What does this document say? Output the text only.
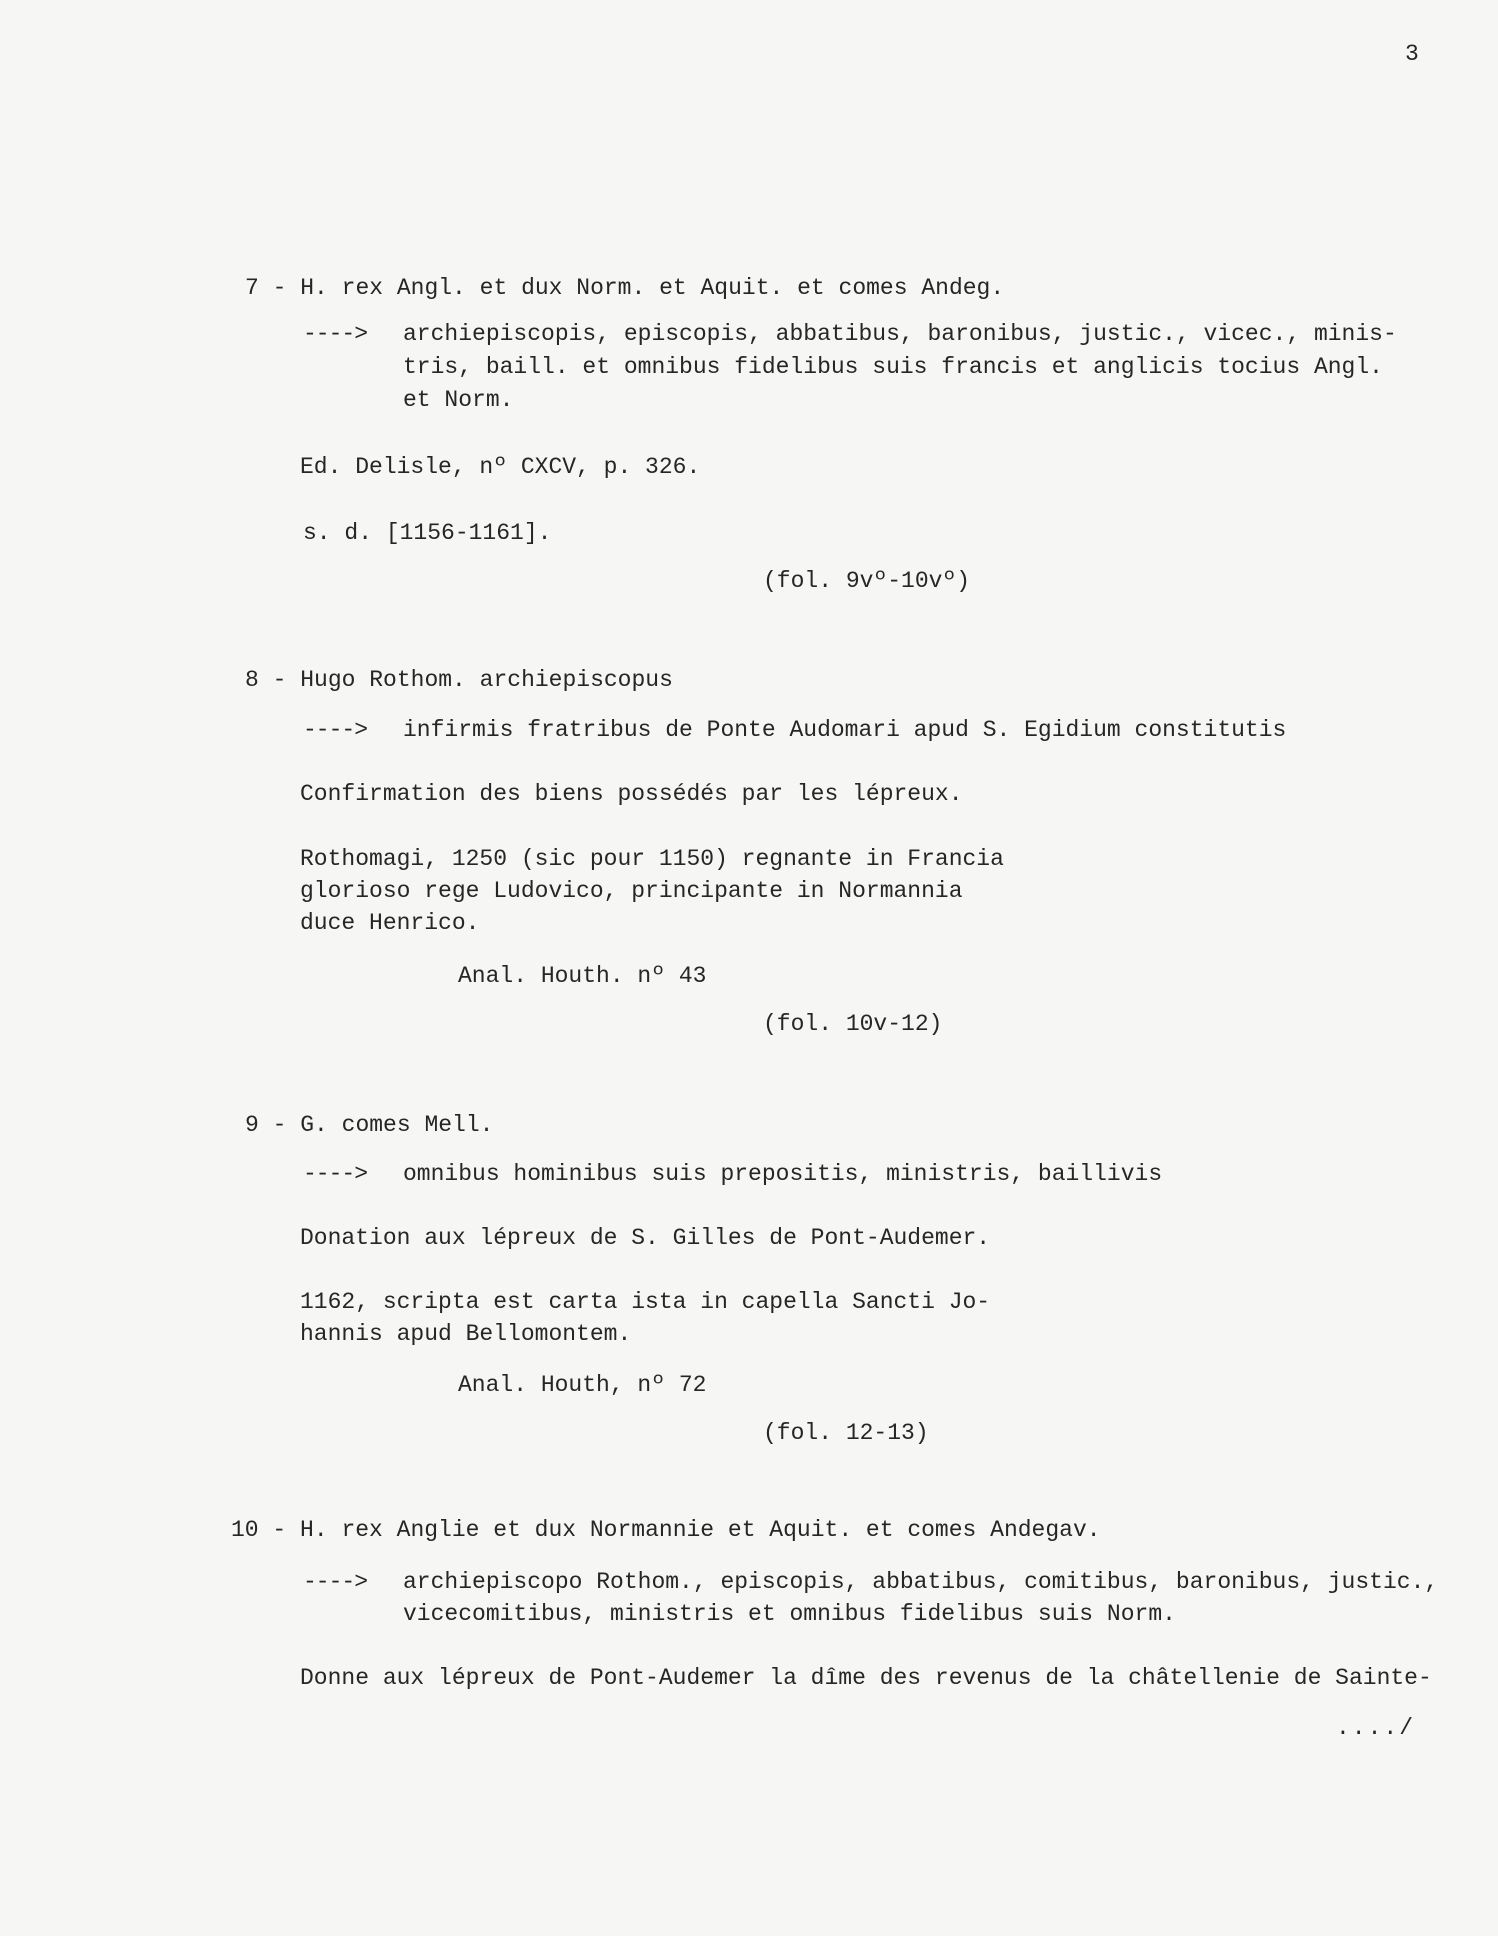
3
7 - H. rex Angl. et dux Norm. et Aquit. et comes Andeg.
----> archiepiscopis, episcopis, abbatibus, baronibus, justic., vicec., minis-
tris, baill. et omnibus fidelibus suis francis et anglicis tocius Angl.
et Norm.
Ed. Delisle, nº CXCV, p. 326.
s. d. [1156-1161].
(fol. 9vº-10vº)
8 - Hugo Rothom. archiepiscopus
----> infirmis fratribus de Ponte Audomari apud S. Egidium constitutis
Confirmation des biens possédés par les lépreux.
Rothomagi, 1250 (sic pour 1150) regnante in Francia
glorioso rege Ludovico, principante in Normannia
duce Henrico.
Anal. Houth. nº 43
(fol. 10v-12)
9 - G. comes Mell.
----> omnibus hominibus suis prepositis, ministris, baillivis
Donation aux lépreux de S. Gilles de Pont-Audemer.
1162, scripta est carta ista in capella Sancti Jo-
hannis apud Bellomontem.
Anal. Houth, nº 72
(fol. 12-13)
10 - H. rex Anglie et dux Normannie et Aquit. et comes Andegav.
----> archiepiscopo Rothom., episcopis, abbatibus, comitibus, baronibus, justic.,
vicecomitibus, ministris et omnibus fidelibus suis Norm.
Donne aux lépreux de Pont-Audemer la dîme des revenus de la châtellenie de Sainte-
..../
